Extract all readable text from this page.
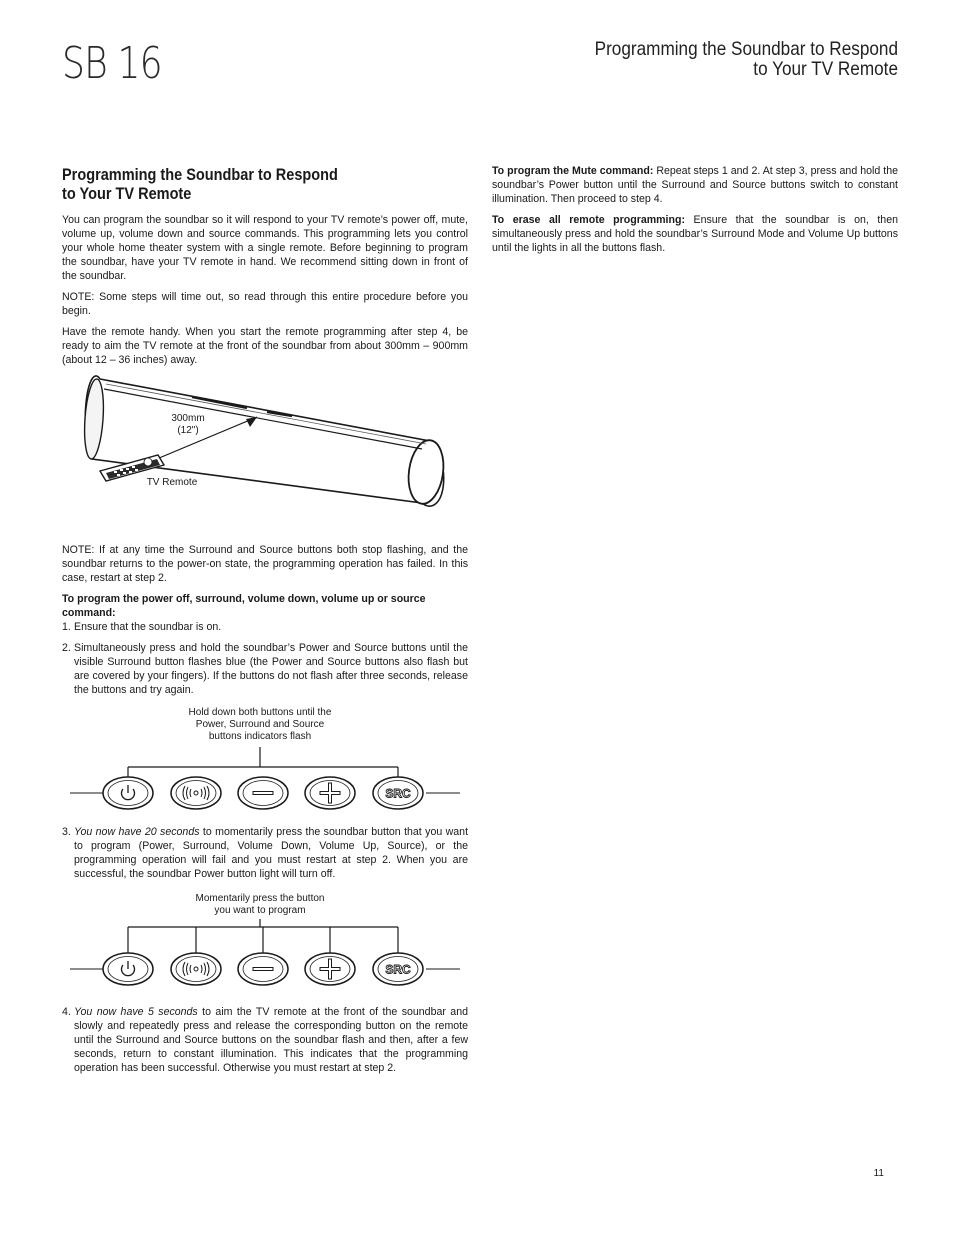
SB 16	Programming the Soundbar to Respond to Your TV Remote
Programming the Soundbar to Respond
to Your TV Remote

You can program the soundbar so it will respond to your TV remote’s power off, mute, volume up, volume down and source commands. This programming lets you control your whole home theater system with a single remote. Before beginning to program the soundbar, have your TV remote in hand. We recommend sitting down in front of the soundbar.

NOTE: Some steps will time out, so read through this entire procedure before you begin.

Have the remote handy. When you start the remote programming after step 4, be ready to aim the TV remote at the front of the soundbar from about 300mm – 900mm (about 12 – 36 inches) away.

300mm
(12")
TV Remote

NOTE: If at any time the Surround and Source buttons both stop flashing, and the soundbar returns to the power-on state, the programming operation has failed. In this case, restart at step 2.

To program the power off, surround, volume down, volume up or source command:

1. Ensure that the soundbar is on.
2. Simultaneously press and hold the soundbar’s Power and Source buttons until the visible Surround button flashes blue (the Power and Source buttons also flash but are covered by your fingers). If the buttons do not flash after three seconds, release the buttons and try again.
Hold down both buttons until the
Power, Surround and Source
buttons indicators flash
SRC
3. You now have 20 seconds to momentarily press the soundbar button that you want to program (Power, Surround, Volume Down, Volume Up, Source), or the programming operation will fail and you must restart at step 2. When you are successful, the soundbar Power button light will turn off.
Momentarily press the button
you want to program
SRC
4. You now have 5 seconds to aim the TV remote at the front of the soundbar and slowly and repeatedly press and release the corresponding button on the remote until the Surround and Source buttons on the soundbar flash and then, after a few seconds, return to constant illumination. This indicates that the programming operation has been successful. Otherwise you must restart at step 2.

To program the Mute command: Repeat steps 1 and 2. At step 3, press and hold the soundbar’s Power button until the Surround and Source buttons switch to constant illumination. Then proceed to step 4.

To erase all remote programming: Ensure that the soundbar is on, then simultaneously press and hold the soundbar’s Surround Mode and Volume Up buttons until the lights in all the buttons flash.

11
